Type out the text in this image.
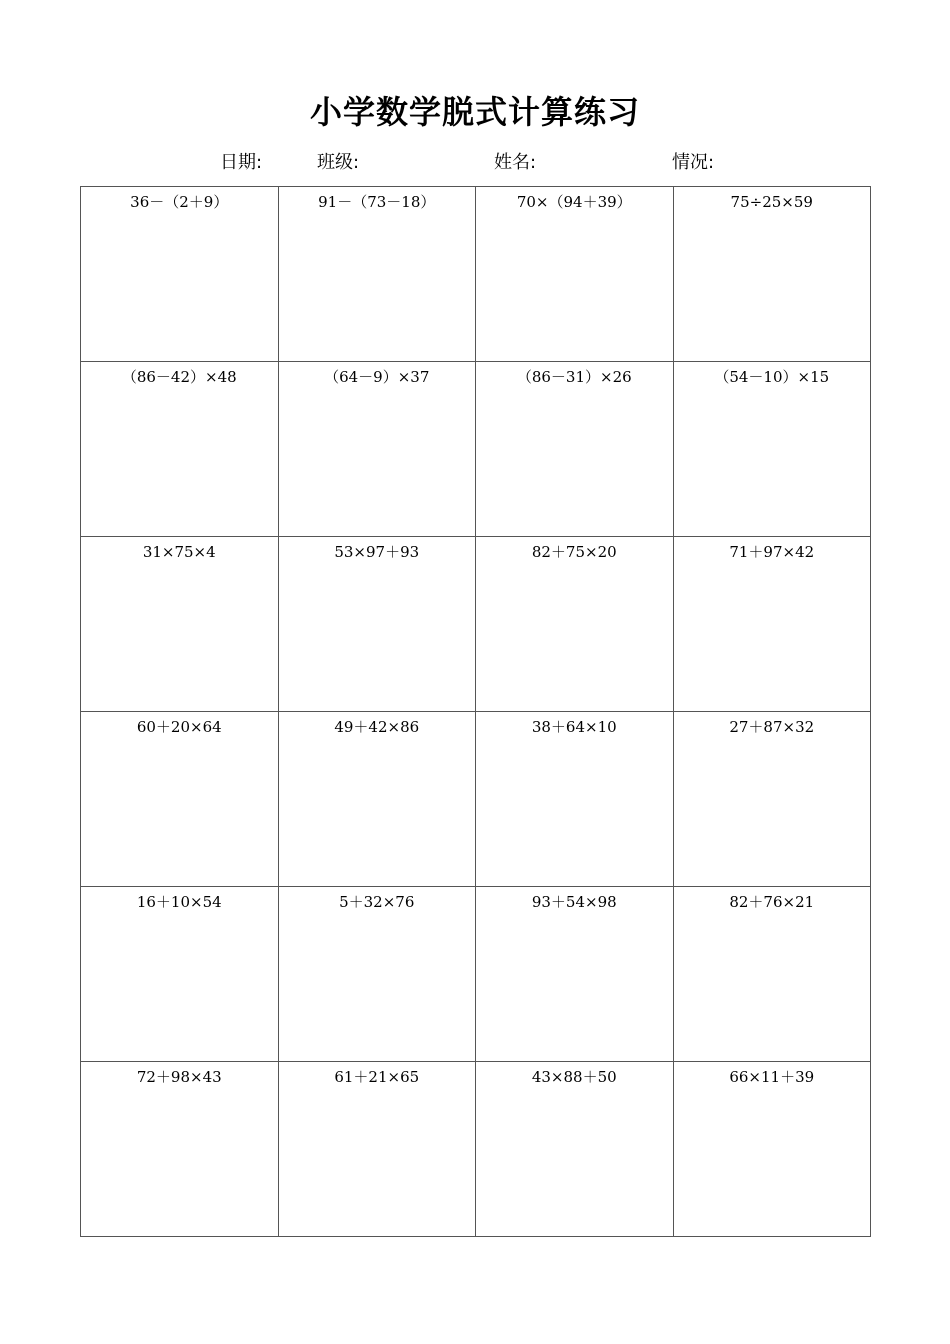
小学数学脱式计算练习
日期:	班级:	姓名:	情况:
36－（2＋9）	91－（73－18）	70×（94＋39）	75÷25×59

（86－42）×48	（64－9）×37	（86－31）×26	（54－10）×15

31×75×4	53×97＋93	82＋75×20	71＋97×42

60＋20×64	49＋42×86	38＋64×10	27＋87×32

16＋10×54	5＋32×76	93＋54×98	82＋76×21

72＋98×43	61＋21×65	43×88＋50	66×11＋39
